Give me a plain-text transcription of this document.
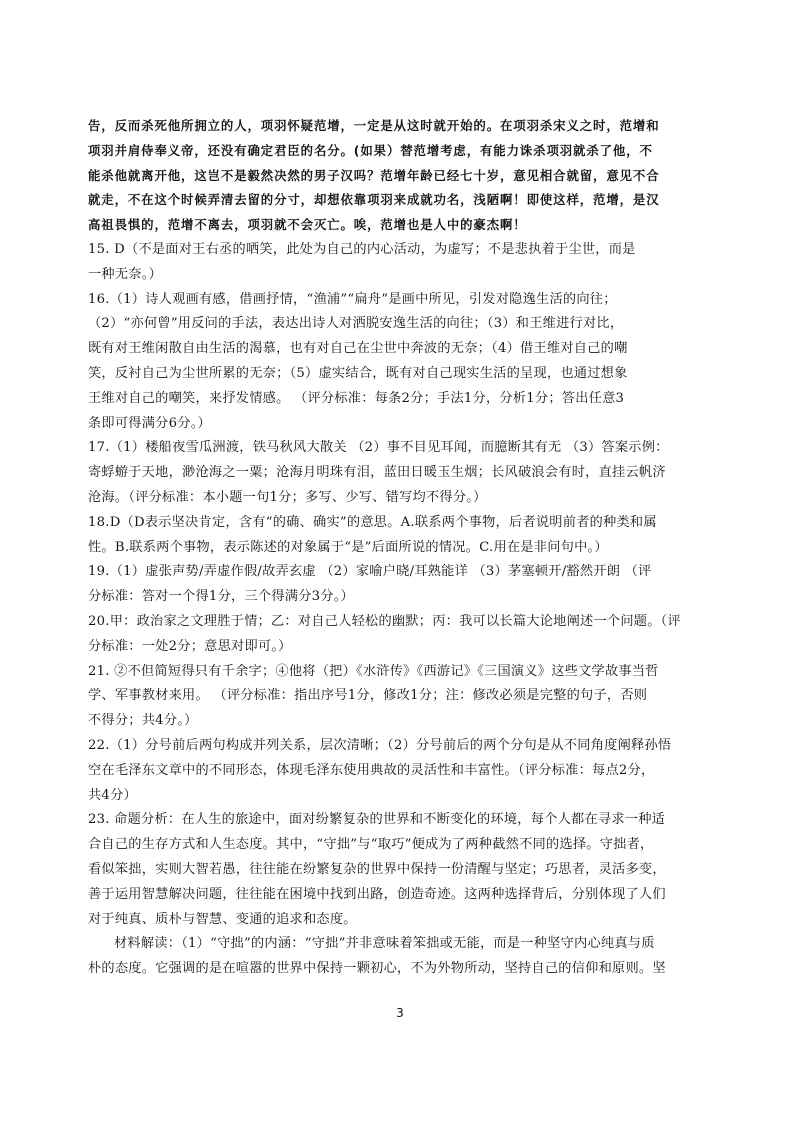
告，反而杀死他所拥立的人，项羽怀疑范增，一定是从这时就开始的。在项羽杀宋义之时，范增和
项羽并肩侍奉义帝，还没有确定君臣的名分。(如果）替范增考虑，有能力诛杀项羽就杀了他，不
能杀他就离开他，这岂不是毅然决然的男子汉吗？范增年龄已经七十岁，意见相合就留，意见不合
就走，不在这个时候弄清去留的分寸，却想依靠项羽来成就功名，浅陋啊！即使这样，范增，是汉
高祖畏惧的，范增不离去，项羽就不会灭亡。唉，范增也是人中的豪杰啊！
15. D（不是面对王右丞的哂笑，此处为自己的内心活动，为虚写；不是悲执着于尘世，而是
一种无奈。）
16.（1）诗人观画有感，借画抒情，“渔浦”“扁舟”是画中所见，引发对隐逸生活的向往；
（2）“亦何曾”用反问的手法，表达出诗人对洒脱安逸生活的向往；（3）和王维进行对比，
既有对王维闲散自由生活的渴慕，也有对自己在尘世中奔波的无奈；（4）借王维对自己的嘲
笑，反衬自己为尘世所累的无奈；（5）虚实结合，既有对自己现实生活的呈现，也通过想象
王维对自己的嘲笑，来抒发情感。 （评分标准：每条2分；手法1分，分析1分；答出任意3
条即可得满分6分。）
17.（1）楼船夜雪瓜洲渡，铁马秋风大散关 （2）事不目见耳闻，而臆断其有无 （3）答案示例：
寄蜉蝣于天地，渺沧海之一粟；沧海月明珠有泪，蓝田日暖玉生烟；长风破浪会有时，直挂云帆济
沧海。（评分标准：本小题一句1分；多写、少写、错写均不得分。）
18.D（D表示坚决肯定，含有“的确、确实”的意思。A.联系两个事物，后者说明前者的种类和属
性。B.联系两个事物，表示陈述的对象属于“是”后面所说的情况。C.用在是非问句中。）
19.（1）虚张声势/弄虚作假/故弄玄虚 （2）家喻户晓/耳熟能详 （3）茅塞顿开/豁然开朗 （评
分标准：答对一个得1分，三个得满分3分。）
20.甲：政治家之文理胜于情；乙：对自己人轻松的幽默；丙：我可以长篇大论地阐述一个问题。（评
分标准：一处2分；意思对即可。）
21. ②不但简短得只有千余字；④他将（把）《水浒传》《西游记》《三国演义》这些文学故事当哲
学、军事教材来用。 （评分标准：指出序号1分，修改1分；注：修改必须是完整的句子，否则
不得分；共4分。）
22.（1）分号前后两句构成并列关系，层次清晰；（2）分号前后的两个分句是从不同角度阐释孙悟
空在毛泽东文章中的不同形态，体现毛泽东使用典故的灵活性和丰富性。（评分标准：每点2分，
共4分）
23. 命题分析：在人生的旅途中，面对纷繁复杂的世界和不断变化的环境，每个人都在寻求一种适
合自己的生存方式和人生态度。其中，“守拙”与“取巧”便成为了两种截然不同的选择。守拙者，
看似笨拙，实则大智若愚，往往能在纷繁复杂的世界中保持一份清醒与坚定；巧思者，灵活多变，
善于运用智慧解决问题，往往能在困境中找到出路，创造奇迹。这两种选择背后，分别体现了人们
对于纯真、质朴与智慧、变通的追求和态度。
材料解读：（1）“守拙”的内涵：“守拙”并非意味着笨拙或无能，而是一种坚守内心纯真与质
朴的态度。它强调的是在喧嚣的世界中保持一颗初心，不为外物所动，坚持自己的信仰和原则。坚
3
